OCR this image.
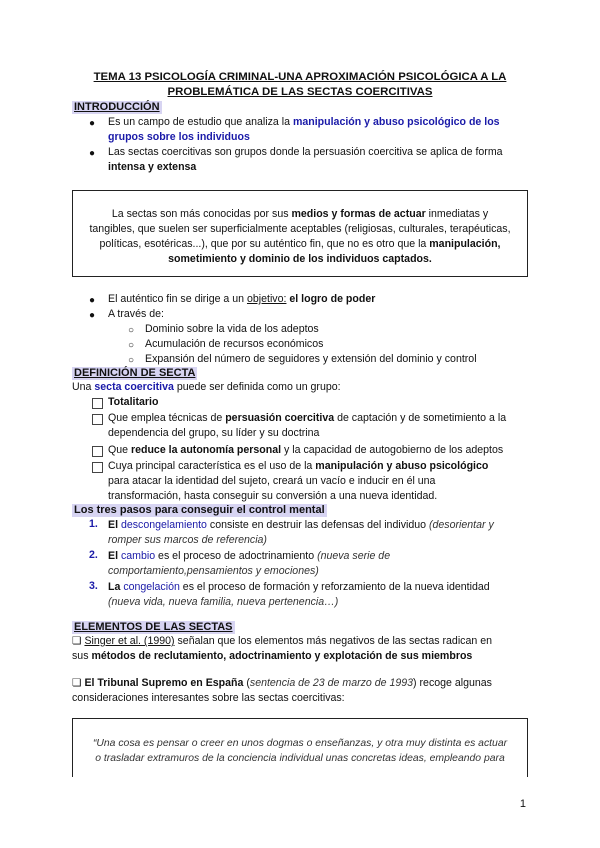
TEMA 13 PSICOLOGÍA CRIMINAL-UNA APROXIMACIÓN PSICOLÓGICA A LA
PROBLEMÁTICA DE LAS SECTAS COERCITIVAS
INTRODUCCIÓN
● Es un campo de estudio que analiza la manipulación y abuso psicológico de los
grupos sobre los individuos
● Las sectas coercitivas son grupos donde la persuasión coercitiva se aplica de forma
intensa y extensa
La sectas son más conocidas por sus medios y formas de actuar inmediatas y
tangibles, que suelen ser superficialmente aceptables (religiosas, culturales, terapéuticas,
políticas, esotéricas...), que por su auténtico fin, que no es otro que la manipulación,
sometimiento y dominio de los individuos captados.
● El auténtico fin se dirige a un objetivo: el logro de poder
● A través de:
○ Dominio sobre la vida de los adeptos
○ Acumulación de recursos económicos
○ Expansión del número de seguidores y extensión del dominio y control
DEFINICIÓN DE SECTA
Una secta coercitiva puede ser definida como un grupo:
Totalitario
Que emplea técnicas de persuasión coercitiva de captación y de sometimiento a la
dependencia del grupo, su líder y su doctrina
Que reduce la autonomía personal y la capacidad de autogobierno de los adeptos
Cuya principal característica es el uso de la manipulación y abuso psicológico
para atacar la identidad del sujeto, creará un vacío e inducir en él una
transformación, hasta conseguir su conversión a una nueva identidad.
Los tres pasos para conseguir el control mental
1. El descongelamiento consiste en destruir las defensas del individuo (desorientar y
romper sus marcos de referencia)
2. El cambio es el proceso de adoctrinamiento (nueva serie de
comportamiento,pensamientos y emociones)
3. La congelación es el proceso de formación y reforzamiento de la nueva identidad
(nueva vida, nueva familia, nueva pertenencia…)
ELEMENTOS DE LAS SECTAS
❏ Singer et al. (1990) señalan que los elementos más negativos de las sectas radican en
sus métodos de reclutamiento, adoctrinamiento y explotación de sus miembros
❏ El Tribunal Supremo en España (sentencia de 23 de marzo de 1993) recoge algunas
consideraciones interesantes sobre las sectas coercitivas:
“Una cosa es pensar o creer en unos dogmas o enseñanzas, y otra muy distinta es actuar
o trasladar extramuros de la conciencia individual unas concretas ideas, empleando para
1
